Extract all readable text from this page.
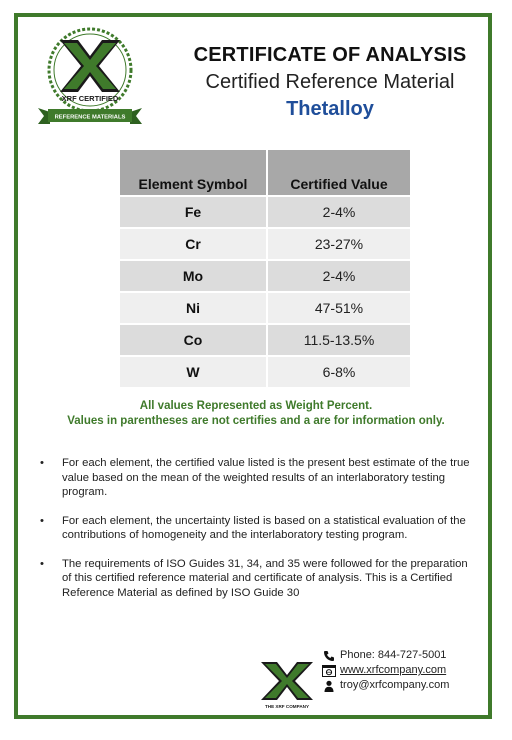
XRF CERTIFIED
REFERENCE MATERIALS
CERTIFICATE OF ANALYSIS
Certified Reference Material
Thetalloy
Element Symbol	Certified Value
Fe	2-4%
Cr	23-27%
Mo	2-4%
Ni	47-51%
Co	11.5-13.5%
W	6-8%
All values Represented as Weight Percent.
Values in parentheses are not certifies and a are for information only.
• For each element, the certified value listed is the present best estimate of the true value based on the mean of the weighted results of an interlaboratory testing program.
• For each element, the uncertainty listed is based on a statistical evaluation of the contributions of homogeneity and the interlaboratory testing program.
• The requirements of ISO Guides 31, 34, and 35 were followed for the preparation of this certified reference material and certificate of analysis. This is a Certified Reference Material as defined by ISO Guide 30
THE XRF COMPANY
Phone: 844-727-5001
www.xrfcompany.com
troy@xrfcompany.com
